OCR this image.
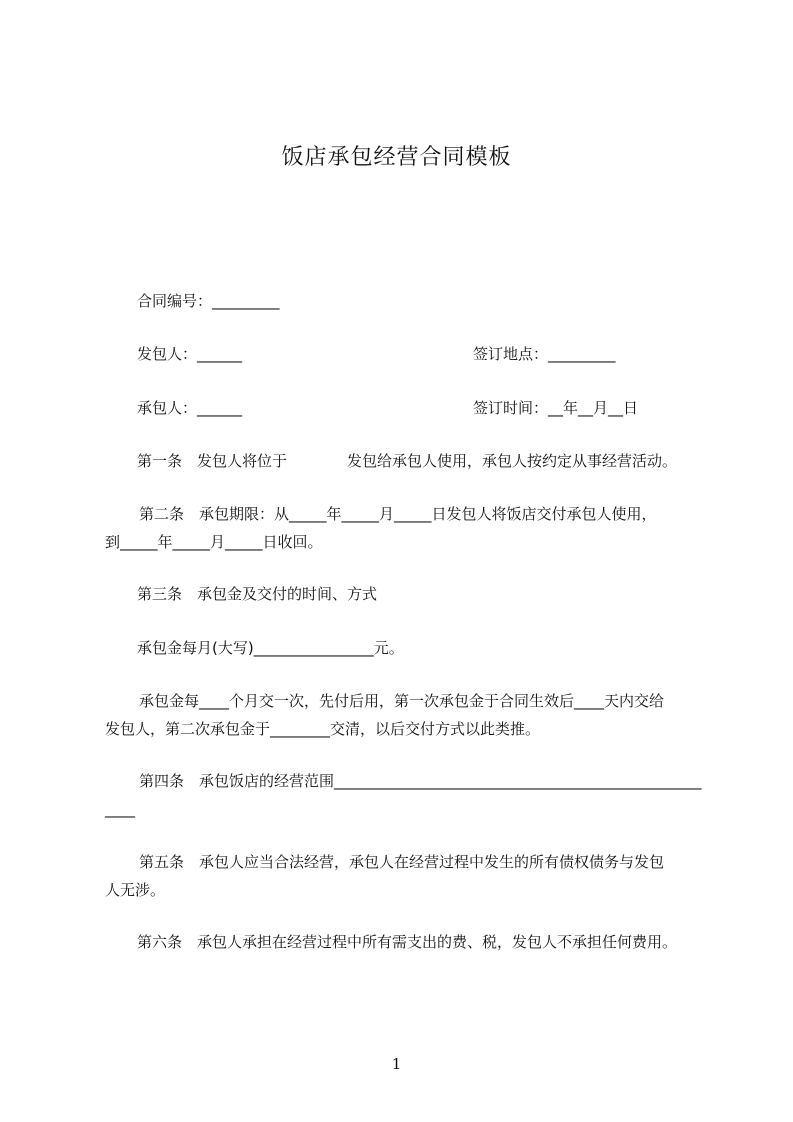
饭店承包经营合同模板
合同编号：_________
发包人：______	签订地点：_________
承包人：______	签订时间：__年__月__日
第一条　发包人将位于　　　　发包给承包人使用，承包人按约定从事经营活动。
第二条　承包期限：从_____年_____月_____日发包人将饭店交付承包人使用，
到_____年_____月_____日收回。
第三条　承包金及交付的时间、方式
承包金每月(大写)________________元。
承包金每____个月交一次，先付后用，第一次承包金于合同生效后____天内交给
发包人，第二次承包金于________交清，以后交付方式以此类推。
第四条　承包饭店的经营范围_________________________________________________
____
第五条　承包人应当合法经营，承包人在经营过程中发生的所有债权债务与发包
人无涉。
第六条　承包人承担在经营过程中所有需支出的费、税，发包人不承担任何费用。
1
